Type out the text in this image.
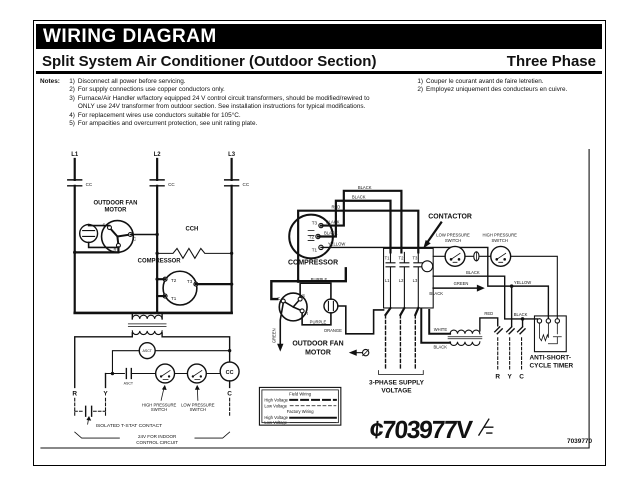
WIRING DIAGRAM
Split System Air Conditioner (Outdoor Section)	Three Phase
Notes:	1) Disconnect all power before servicing.
2) For supply connections use copper conductors only.
3) Furnace/Air Handler w/factory equipped 24 V control circuit transformers, should be modified/rewired to ONLY use 24V transformer from outdoor section. See installation instructions for typical modifications.
4) For replacement wires use conductors suitable for 105°C.
5) For ampacities and overcurrent protection, see unit rating plate.
1) Couper le courant avant de faire letretien.
2) Employez uniquement des conducteurs en cuivre.
L1	L2	L3
CC	CC	CC
OUTDOOR FAN
MOTOR
S
C
R
CCH
COMPRESSOR
T2
T1
T3
ASCT
ASCT
CC
R	Y	C
HIGH PRESSURE
SWITCH
LOW PRESSURE
SWITCH
ISOLATED T-STAT CONTACT
24V FOR INDOOR
CONTROL CIRCUIT
T3
T2
T1
COMPRESSOR
BLACK
BLACK
RED
BLACK
BLACK
YELLOW
YELLOW
T1 T2 T3
L1 L2 L3
CONTACTOR
LOW PRESSURE
SWITCH
HIGH PRESSURE
SWITCH
BLACK
BLACK
GREEN
BLACK
ANTI-SHORT-
CYCLE TIMER
RED
R Y C
3-PHASE SUPPLY
VOLTAGE
WHITE
BLACK
C
S
R
PURPLE
PURPLE
ORANGE
GREEN
OUTDOOR FAN
MOTOR
Field Wiring
High Voltage
Low Voltage
Factory Wiring
High Voltage
Low Voltage	¢703977V	7039770
